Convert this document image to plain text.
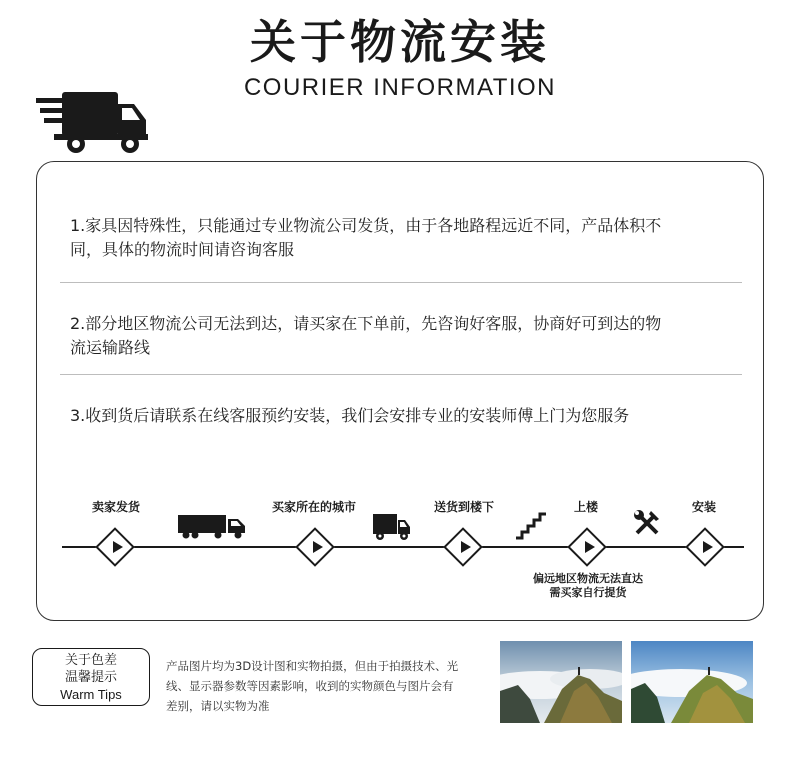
关于物流安装
COURIER INFORMATION
1.家具因特殊性，只能通过专业物流公司发货，由于各地路程远近不同，产品体积不
同，具体的物流时间请咨询客服
2.部分地区物流公司无法到达，请买家在下单前，先咨询好客服，协商好可到达的物
流运输路线
3.收到货后请联系在线客服预约安装，我们会安排专业的安装师傅上门为您服务
卖家发货	买家所在的城市	送货到楼下	上楼	安装
偏远地区物流无法直达
需买家自行提货
关于色差
温馨提示
Warm Tips
产品图片均为3D设计图和实物拍摄，但由于拍摄技术、光
线、显示器参数等因素影响，收到的实物颜色与图片会有
差别，请以实物为准
